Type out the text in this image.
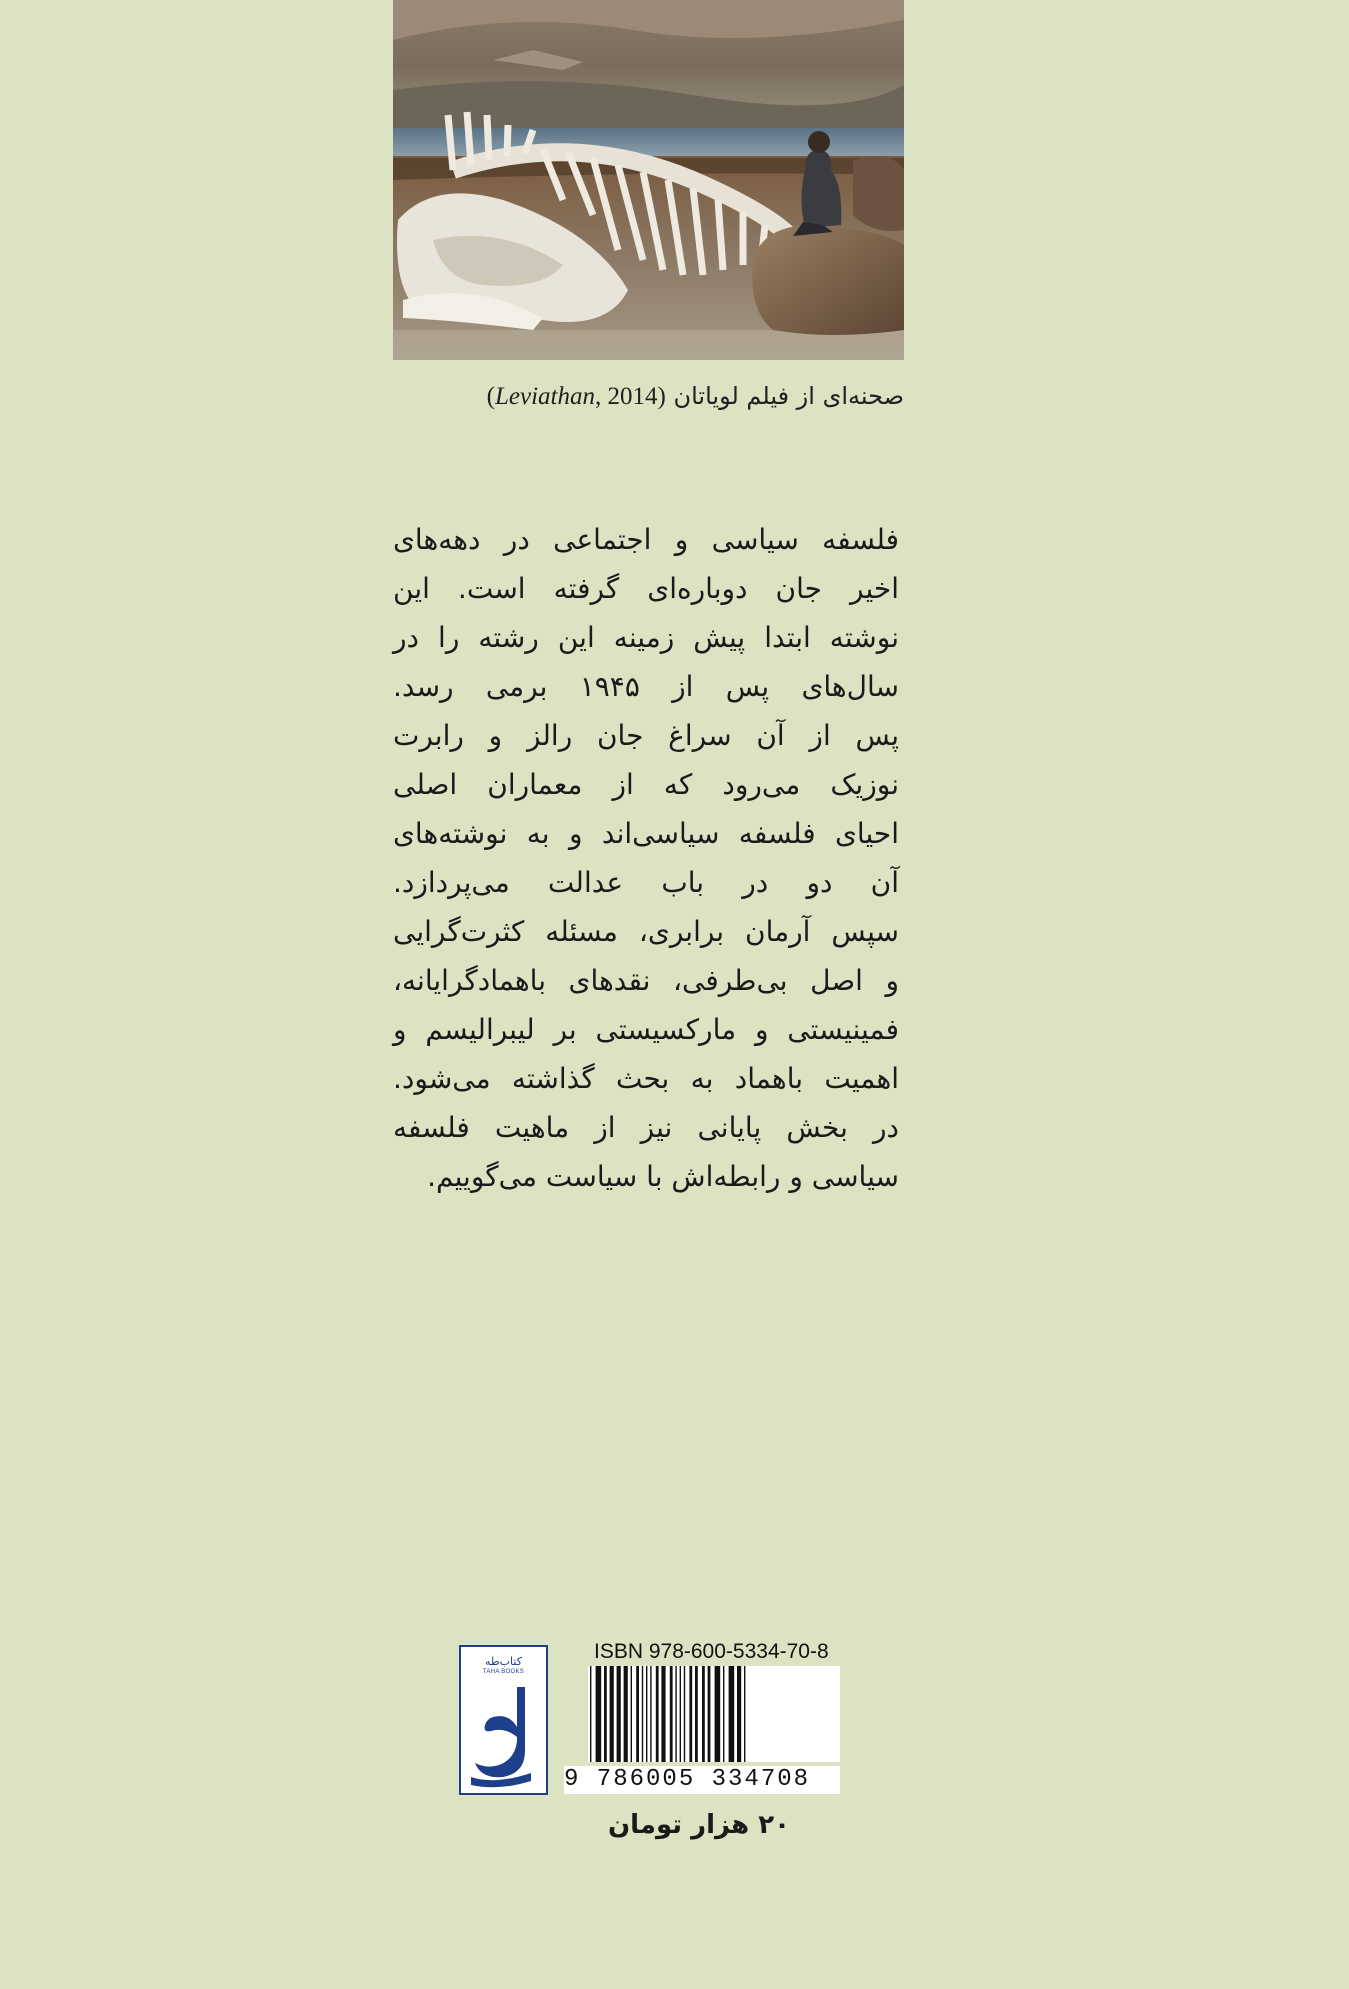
صحنه‌ای از فیلم لویاتان (Leviathan, 2014)
فلسفه سیاسی و اجتماعی در دهه‌های
اخیر جان دوباره‌ای گرفته است. این
نوشته ابتدا پیش زمینه این رشته را در
سال‌های پس از ۱۹۴۵ برمی رسد.
پس از آن سراغ جان رالز و رابرت
نوزیک می‌رود که از معماران اصلی
احیای فلسفه سیاسی‌اند و به نوشته‌های
آن دو در باب عدالت می‌پردازد.
سپس آرمان برابری، مسئله کثرت‌گرایی
و اصل بی‌طرفی، نقدهای باهمادگرایانه،
فمینیستی و مارکسیستی بر لیبرالیسم و
اهمیت باهماد به بحث گذاشته می‌شود.
در بخش پایانی نیز از ماهیت فلسفه
سیاسی و رابطه‌اش با سیاست می‌گوییم.
کتاب‌طه
TAHA BOOKS
ISBN 978-600-5334-70-8
9 786005 334708
۲۰ هزار تومان
